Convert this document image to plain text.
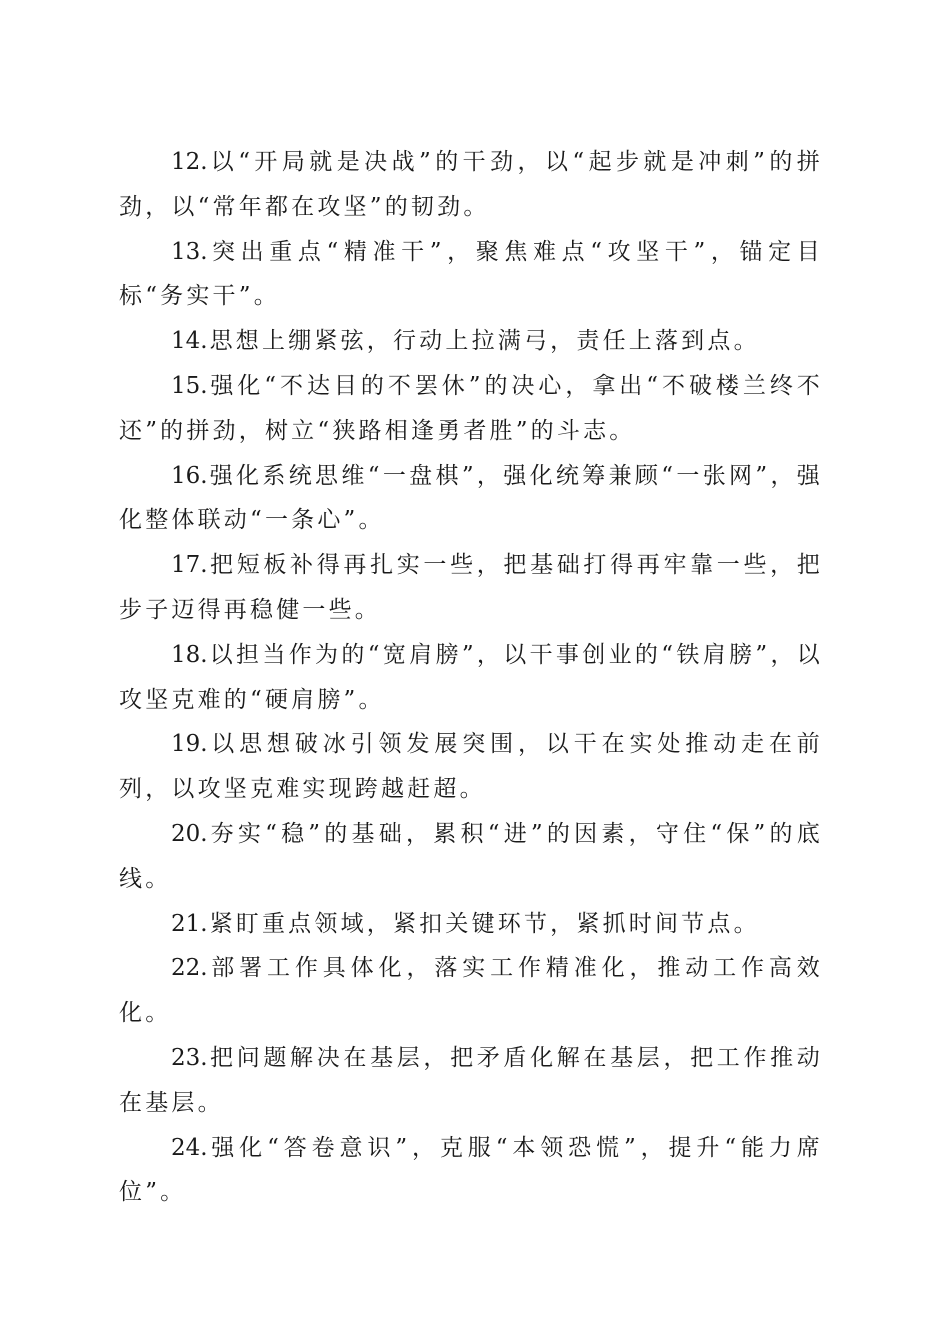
12.以“开局就是决战”的干劲，以“起步就是冲刺”的拼劲，以“常年都在攻坚”的韧劲。

13.突出重点“精准干”，聚焦难点“攻坚干”，锚定目标“务实干”。

14.思想上绷紧弦，行动上拉满弓，责任上落到点。

15.强化“不达目的不罢休”的决心，拿出“不破楼兰终不还”的拼劲，树立“狭路相逢勇者胜”的斗志。

16.强化系统思维“一盘棋”，强化统筹兼顾“一张网”，强化整体联动“一条心”。

17.把短板补得再扎实一些，把基础打得再牢靠一些，把步子迈得再稳健一些。

18.以担当作为的“宽肩膀”，以干事创业的“铁肩膀”，以攻坚克难的“硬肩膀”。

19.以思想破冰引领发展突围，以干在实处推动走在前列，以攻坚克难实现跨越赶超。

20.夯实“稳”的基础，累积“进”的因素，守住“保”的底线。

21.紧盯重点领域，紧扣关键环节，紧抓时间节点。

22.部署工作具体化，落实工作精准化，推动工作高效化。

23.把问题解决在基层，把矛盾化解在基层，把工作推动在基层。

24.强化“答卷意识”，克服“本领恐慌”，提升“能力席位”。
